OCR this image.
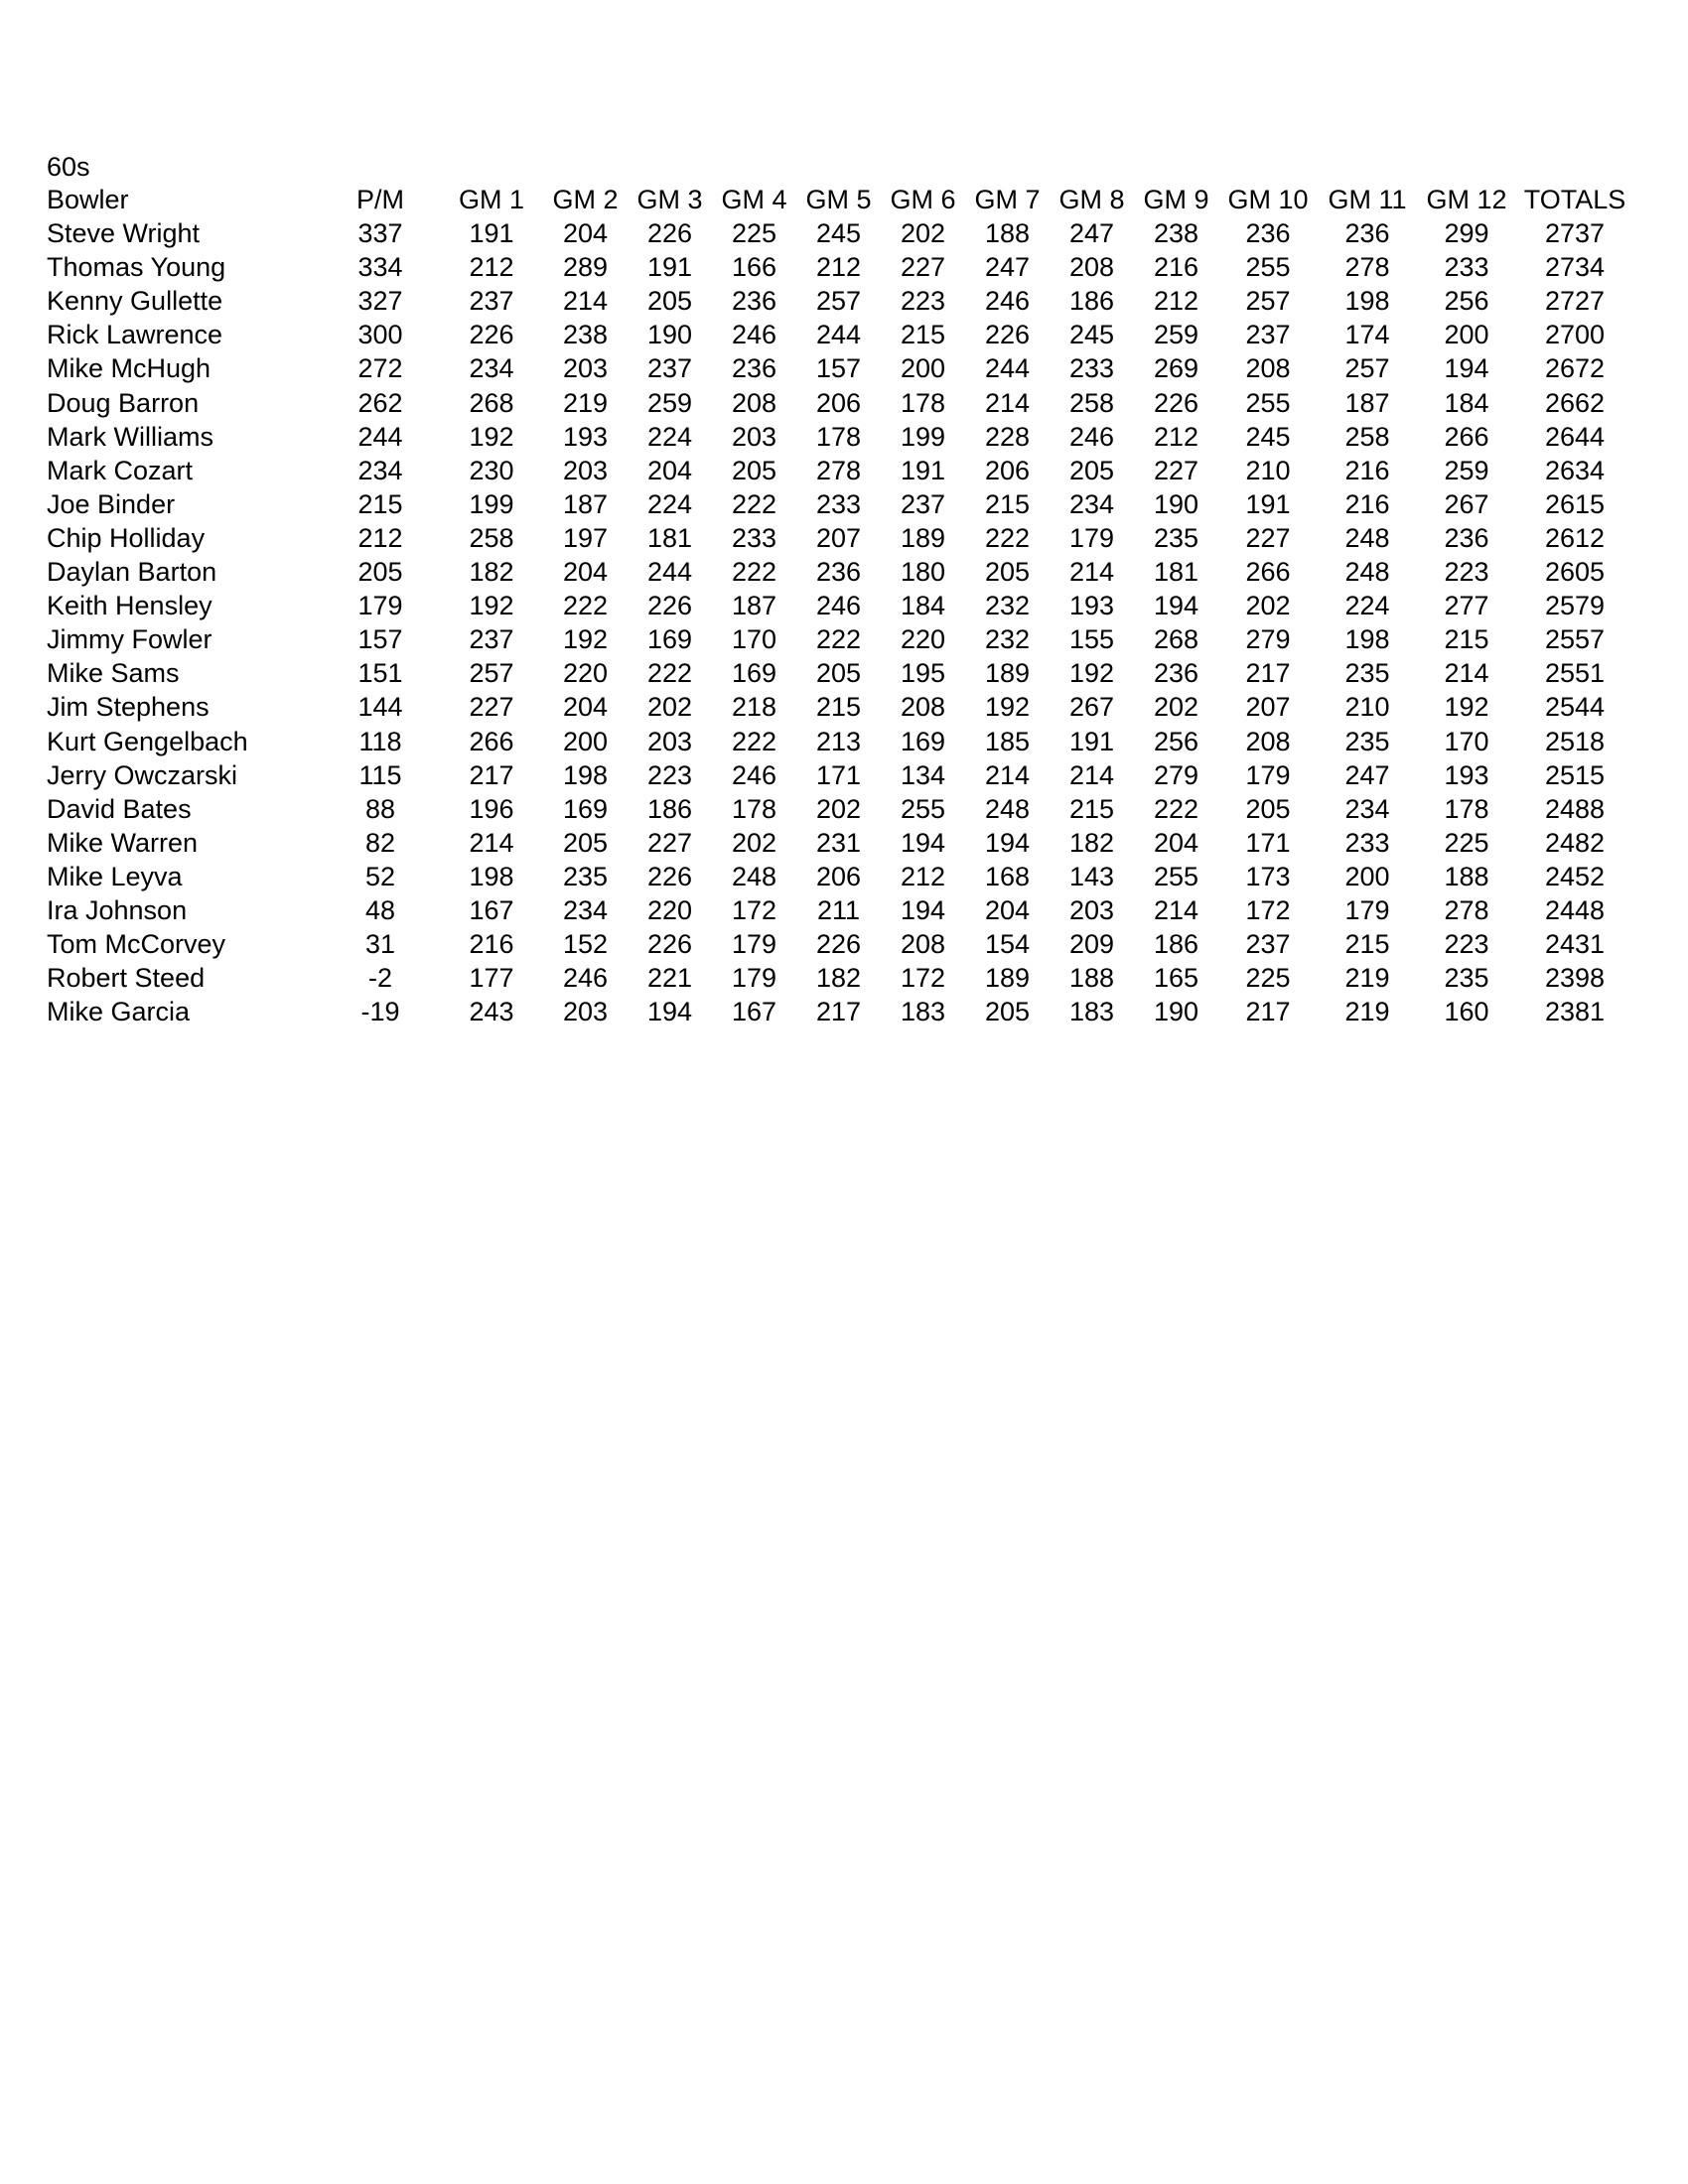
60s
Bowler	P/M	GM 1	GM 2	GM 3	GM 4	GM 5	GM 6	GM 7	GM 8	GM 9	GM 10	GM 11	GM 12	TOTALS
Steve Wright	337	191	204	226	225	245	202	188	247	238	236	236	299	2737
Thomas Young	334	212	289	191	166	212	227	247	208	216	255	278	233	2734
Kenny Gullette	327	237	214	205	236	257	223	246	186	212	257	198	256	2727
Rick Lawrence	300	226	238	190	246	244	215	226	245	259	237	174	200	2700
Mike McHugh	272	234	203	237	236	157	200	244	233	269	208	257	194	2672
Doug Barron	262	268	219	259	208	206	178	214	258	226	255	187	184	2662
Mark Williams	244	192	193	224	203	178	199	228	246	212	245	258	266	2644
Mark Cozart	234	230	203	204	205	278	191	206	205	227	210	216	259	2634
Joe Binder	215	199	187	224	222	233	237	215	234	190	191	216	267	2615
Chip Holliday	212	258	197	181	233	207	189	222	179	235	227	248	236	2612
Daylan Barton	205	182	204	244	222	236	180	205	214	181	266	248	223	2605
Keith Hensley	179	192	222	226	187	246	184	232	193	194	202	224	277	2579
Jimmy Fowler	157	237	192	169	170	222	220	232	155	268	279	198	215	2557
Mike Sams	151	257	220	222	169	205	195	189	192	236	217	235	214	2551
Jim Stephens	144	227	204	202	218	215	208	192	267	202	207	210	192	2544
Kurt Gengelbach	118	266	200	203	222	213	169	185	191	256	208	235	170	2518
Jerry Owczarski	115	217	198	223	246	171	134	214	214	279	179	247	193	2515
David Bates	88	196	169	186	178	202	255	248	215	222	205	234	178	2488
Mike Warren	82	214	205	227	202	231	194	194	182	204	171	233	225	2482
Mike Leyva	52	198	235	226	248	206	212	168	143	255	173	200	188	2452
Ira Johnson	48	167	234	220	172	211	194	204	203	214	172	179	278	2448
Tom McCorvey	31	216	152	226	179	226	208	154	209	186	237	215	223	2431
Robert Steed	-2	177	246	221	179	182	172	189	188	165	225	219	235	2398
Mike Garcia	-19	243	203	194	167	217	183	205	183	190	217	219	160	2381
